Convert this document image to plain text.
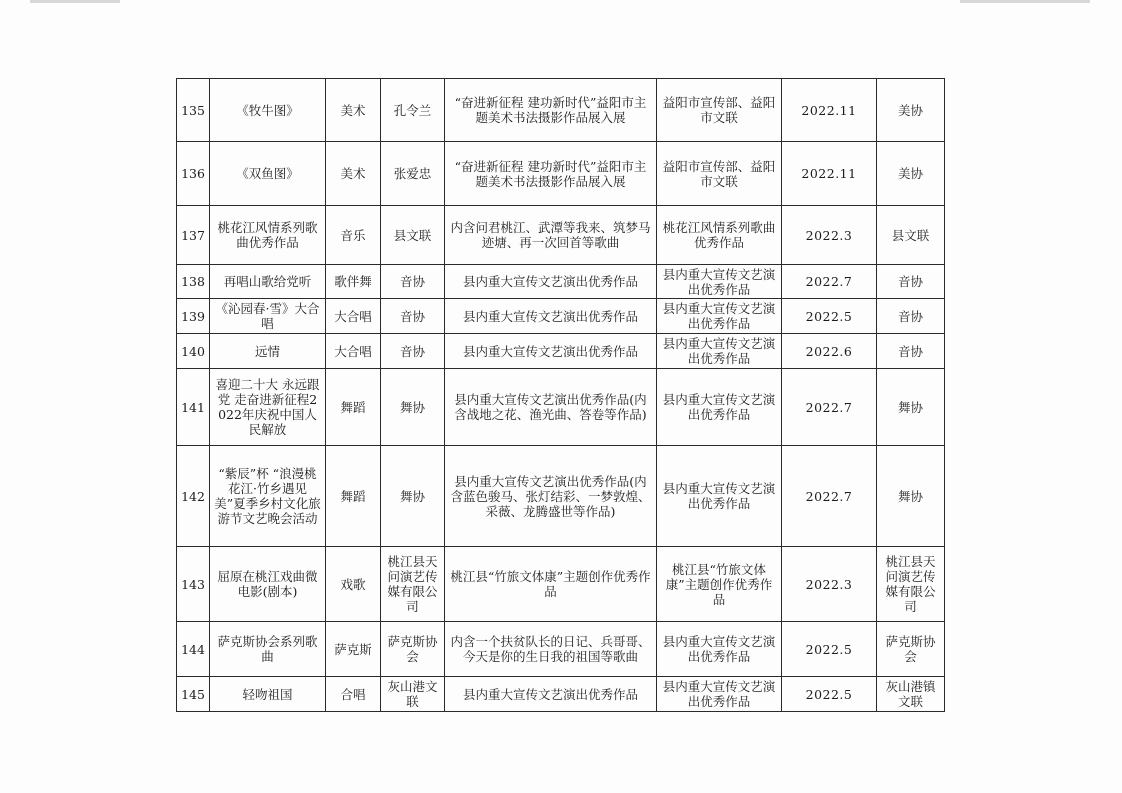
135	《牧牛图》	美术	孔令兰	“奋进新征程 建功新时代”益阳市主题美术书法摄影作品展入展	益阳市宣传部、益阳市文联	2022.11	美协
136	《双鱼图》	美术	张爱忠	“奋进新征程 建功新时代”益阳市主题美术书法摄影作品展入展	益阳市宣传部、益阳市文联	2022.11	美协
137	桃花江风情系列歌曲优秀作品	音乐	县文联	内含问君桃江、武潭等我来、筑梦马迹塘、再一次回首等歌曲	桃花江风情系列歌曲优秀作品	2022.3	县文联
138	再唱山歌给党听	歌伴舞	音协	县内重大宣传文艺演出优秀作品	县内重大宣传文艺演出优秀作品	2022.7	音协
139	《沁园春·雪》大合唱	大合唱	音协	县内重大宣传文艺演出优秀作品	县内重大宣传文艺演出优秀作品	2022.5	音协
140	远情	大合唱	音协	县内重大宣传文艺演出优秀作品	县内重大宣传文艺演出优秀作品	2022.6	音协
141	喜迎二十大 永远跟党 走奋进新征程2022年庆祝中国人民解放	舞蹈	舞协	县内重大宣传文艺演出优秀作品(内含战地之花、渔光曲、答卷等作品)	县内重大宣传文艺演出优秀作品	2022.7	舞协
142	“紫辰”杯 “浪漫桃花江·竹乡遇见美”夏季乡村文化旅游节文艺晚会活动	舞蹈	舞协	县内重大宣传文艺演出优秀作品(内含蓝色骏马、张灯结彩、一梦敦煌、采薇、龙腾盛世等作品)	县内重大宣传文艺演出优秀作品	2022.7	舞协
143	屈原在桃江戏曲微电影(剧本)	戏歌	桃江县天问演艺传媒有限公司	桃江县“竹旅文体康”主题创作优秀作品	桃江县“竹旅文体康”主题创作优秀作品	2022.3	桃江县天问演艺传媒有限公司
144	萨克斯协会系列歌曲	萨克斯	萨克斯协会	内含一个扶贫队长的日记、兵哥哥、今天是你的生日我的祖国等歌曲	县内重大宣传文艺演出优秀作品	2022.5	萨克斯协会
145	轻吻祖国	合唱	灰山港文联	县内重大宣传文艺演出优秀作品	县内重大宣传文艺演出优秀作品	2022.5	灰山港镇文联
